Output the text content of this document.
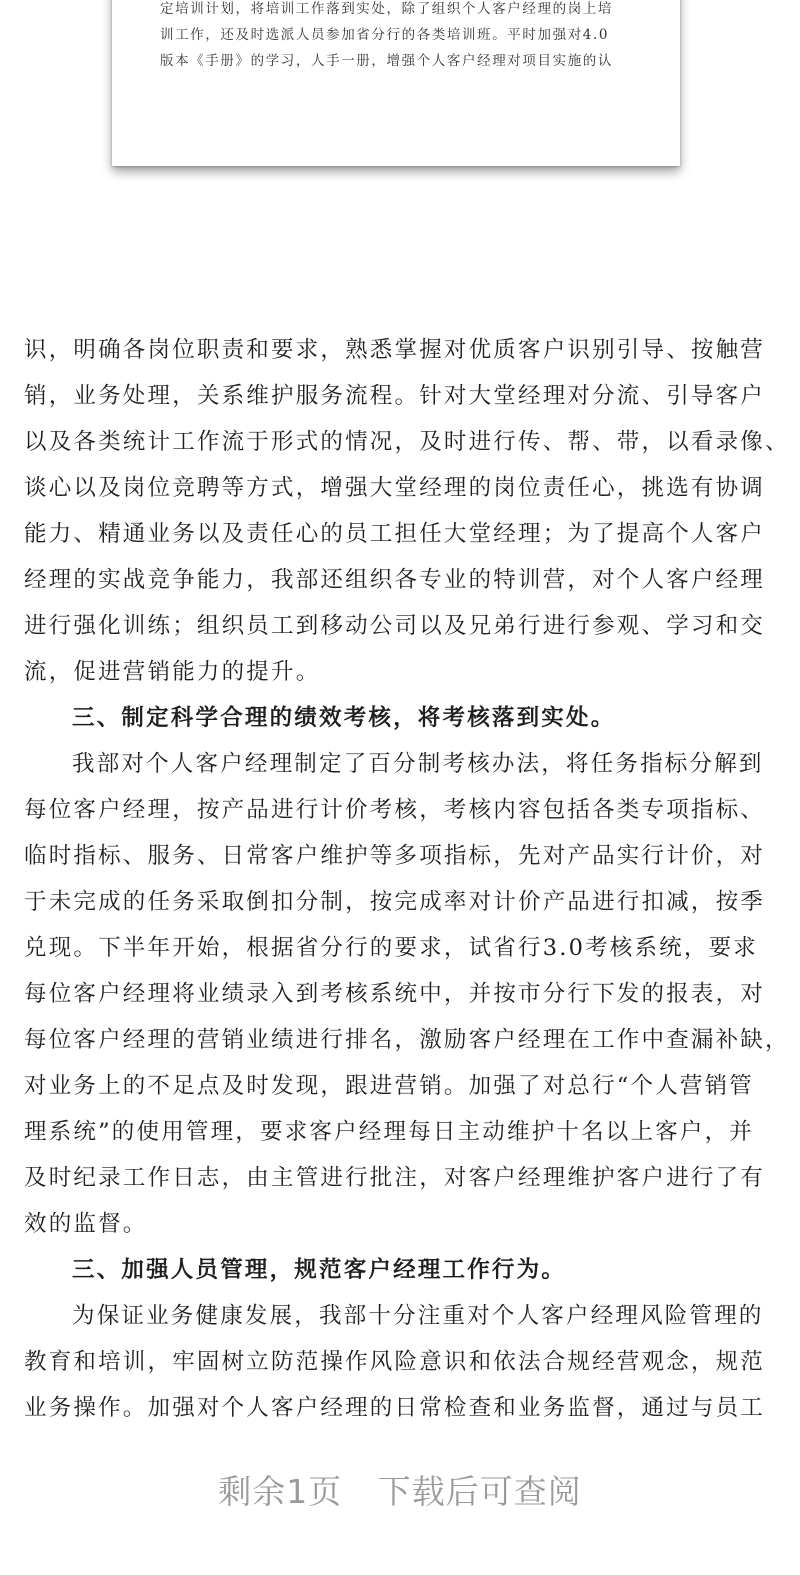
定培训计划，将培训工作落到实处，除了组织个人客户经理的岗上培
训工作，还及时选派人员参加省分行的各类培训班。平时加强对4.0
版本《手册》的学习，人手一册，增强个人客户经理对项目实施的认
识，明确各岗位职责和要求，熟悉掌握对优质客户识别引导、按触营
销，业务处理，关系维护服务流程。针对大堂经理对分流、引导客户
以及各类统计工作流于形式的情况，及时进行传、帮、带，以看录像、
谈心以及岗位竞聘等方式，增强大堂经理的岗位责任心，挑选有协调
能力、精通业务以及责任心的员工担任大堂经理；为了提高个人客户
经理的实战竞争能力，我部还组织各专业的特训营，对个人客户经理
进行强化训练；组织员工到移动公司以及兄弟行进行参观、学习和交
流，促进营销能力的提升。
三、制定科学合理的绩效考核，将考核落到实处。
我部对个人客户经理制定了百分制考核办法，将任务指标分解到
每位客户经理，按产品进行计价考核，考核内容包括各类专项指标、
临时指标、服务、日常客户维护等多项指标，先对产品实行计价，对
于未完成的任务采取倒扣分制，按完成率对计价产品进行扣减，按季
兑现。下半年开始，根据省分行的要求，试省行3.0考核系统，要求
每位客户经理将业绩录入到考核系统中，并按市分行下发的报表，对
每位客户经理的营销业绩进行排名，激励客户经理在工作中查漏补缺，
对业务上的不足点及时发现，跟进营销。加强了对总行“个人营销管
理系统”的使用管理，要求客户经理每日主动维护十名以上客户，并
及时纪录工作日志，由主管进行批注，对客户经理维护客户进行了有
效的监督。
三、加强人员管理，规范客户经理工作行为。
为保证业务健康发展，我部十分注重对个人客户经理风险管理的
教育和培训，牢固树立防范操作风险意识和依法合规经营观念，规范
业务操作。加强对个人客户经理的日常检查和业务监督，通过与员工
剩余1页 下载后可查阅
